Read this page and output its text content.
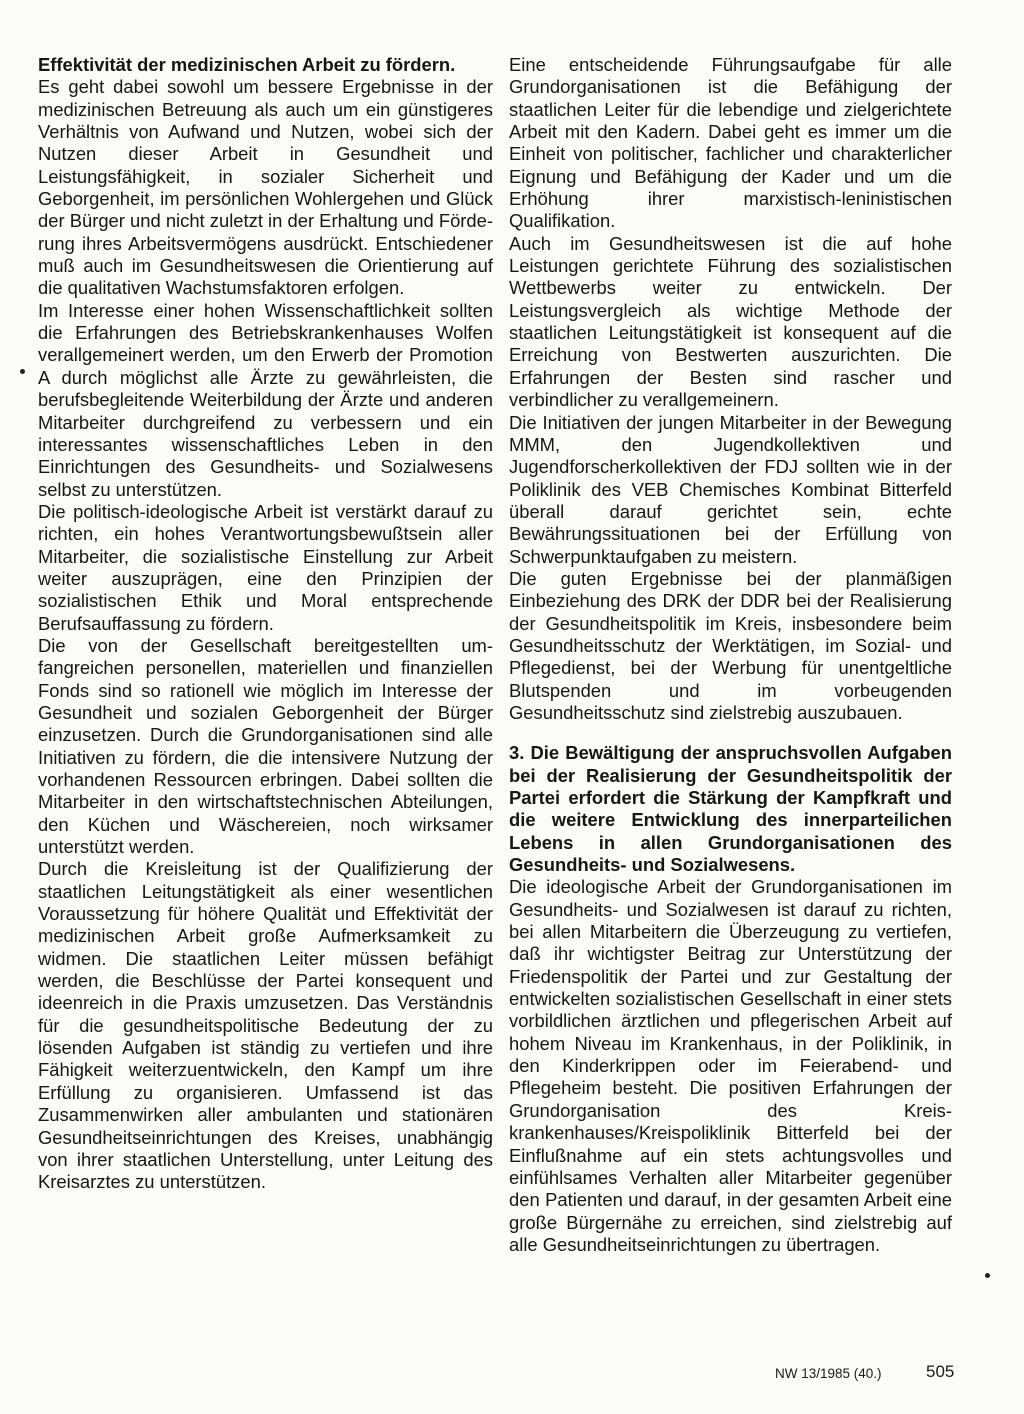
Effektivität der medizinischen Arbeit zu fördern.

Es geht dabei sowohl um bessere Ergebnisse in der medizinischen Betreuung als auch um ein günstigeres Verhältnis von Aufwand und Nutzen, wobei sich der Nutzen dieser Arbeit in Gesundheit und Leistungsfähigkeit, in sozialer Sicherheit und Geborgenheit, im persönlichen Wohlergehen und Glück der Bürger und nicht zuletzt in der Erhaltung und Förderung ihres Arbeitsvermögens ausdrückt. Entschiedener muß auch im Gesundheitswesen die Orientierung auf die qualitativen Wachstumsfaktoren erfolgen.

Im Interesse einer hohen Wissenschaftlichkeit sollten die Erfahrungen des Betriebskrankenhauses Wolfen verallgemeinert werden, um den Erwerb der Promotion A durch möglichst alle Ärzte zu gewährleisten, die berufsbegleitende Weiterbildung der Ärzte und anderen Mitarbeiter durchgreifend zu verbessern und ein interessantes wissenschaftliches Leben in den Einrichtungen des Gesundheits- und Sozialwesens selbst zu unterstützen.

Die politisch-ideologische Arbeit ist verstärkt darauf zu richten, ein hohes Verantwortungsbewußtsein aller Mitarbeiter, die sozialistische Einstellung zur Arbeit weiter auszuprägen, eine den Prinzipien der sozialistischen Ethik und Moral entsprechende Berufsauffassung zu fördern.

Die von der Gesellschaft bereitgestellten umfangreichen personellen, materiellen und finanziellen Fonds sind so rationell wie möglich im Interesse der Gesundheit und sozialen Geborgenheit der Bürger einzusetzen. Durch die Grundorganisationen sind alle Initiativen zu fördern, die die intensivere Nutzung der vorhandenen Ressourcen erbringen. Dabei sollten die Mitarbeiter in den wirtschaftstechnischen Abteilungen, den Küchen und Wäschereien, noch wirksamer unterstützt werden.

Durch die Kreisleitung ist der Qualifizierung der staatlichen Leitungstätigkeit als einer wesentlichen Voraussetzung für höhere Qualität und Effektivität der medizinischen Arbeit große Aufmerksamkeit zu widmen. Die staatlichen Leiter müssen befähigt werden, die Beschlüsse der Partei konsequent und ideenreich in die Praxis umzusetzen. Das Verständnis für die gesundheitspolitische Bedeutung der zu lösenden Aufgaben ist ständig zu vertiefen und ihre Fähigkeit weiterzuentwickeln, den Kampf um ihre Erfüllung zu organisieren. Umfassend ist das Zusammenwirken aller ambulanten und stationären Gesundheitseinrichtungen des Kreises, unabhängig von ihrer staatlichen Unterstellung, unter Leitung des Kreisarztes zu unterstützen.

Eine entscheidende Führungsaufgabe für alle Grundorganisationen ist die Befähigung der staatlichen Leiter für die lebendige und zielgerichtete Arbeit mit den Kadern. Dabei geht es immer um die Einheit von politischer, fachlicher und charakterlicher Eignung und Befähigung der Kader und um die Erhöhung ihrer marxistisch-leninistischen Qualifikation.

Auch im Gesundheitswesen ist die auf hohe Leistungen gerichtete Führung des sozialistischen Wettbewerbs weiter zu entwickeln. Der Leistungsvergleich als wichtige Methode der staatlichen Leitungstätigkeit ist konsequent auf die Erreichung von Bestwerten auszurichten. Die Erfahrungen der Besten sind rascher und verbindlicher zu verallgemeinern.

Die Initiativen der jungen Mitarbeiter in der Bewegung MMM, den Jugendkollektiven und Jugendforscherkollektiven der FDJ sollten wie in der Poliklinik des VEB Chemisches Kombinat Bitterfeld überall darauf gerichtet sein, echte Bewährungssituationen bei der Erfüllung von Schwerpunktaufgaben zu meistern.

Die guten Ergebnisse bei der planmäßigen Einbeziehung des DRK der DDR bei der Realisierung der Gesundheitspolitik im Kreis, insbesondere beim Gesundheitsschutz der Werktätigen, im Sozial- und Pflegedienst, bei der Werbung für unentgeltliche Blutspenden und im vorbeugenden Gesundheitsschutz sind zielstrebig auszubauen.

3. Die Bewältigung der anspruchsvollen Aufgaben bei der Realisierung der Gesundheitspolitik der Partei erfordert die Stärkung der Kampfkraft und die weitere Entwicklung des innerparteilichen Lebens in allen Grundorganisationen des Gesundheits- und Sozialwesens.

Die ideologische Arbeit der Grundorganisationen im Gesundheits- und Sozialwesen ist darauf zu richten, bei allen Mitarbeitern die Überzeugung zu vertiefen, daß ihr wichtigster Beitrag zur Unterstützung der Friedenspolitik der Partei und zur Gestaltung der entwickelten sozialistischen Gesellschaft in einer stets vorbildlichen ärztlichen und pflegerischen Arbeit auf hohem Niveau im Krankenhaus, in der Poliklinik, in den Kinderkrippen oder im Feierabend- und Pflegeheim besteht. Die positiven Erfahrungen der Grundorganisation des Kreiskrankenhauses/Kreispoliklinik Bitterfeld bei der Einflußnahme auf ein stets achtungsvolles und einfühlsames Verhalten aller Mitarbeiter gegenüber den Patienten und darauf, in der gesamten Arbeit eine große Bürgernähe zu erreichen, sind zielstrebig auf alle Gesundheitseinrichtungen zu übertragen.

NW 13/1985 (40.)	505
